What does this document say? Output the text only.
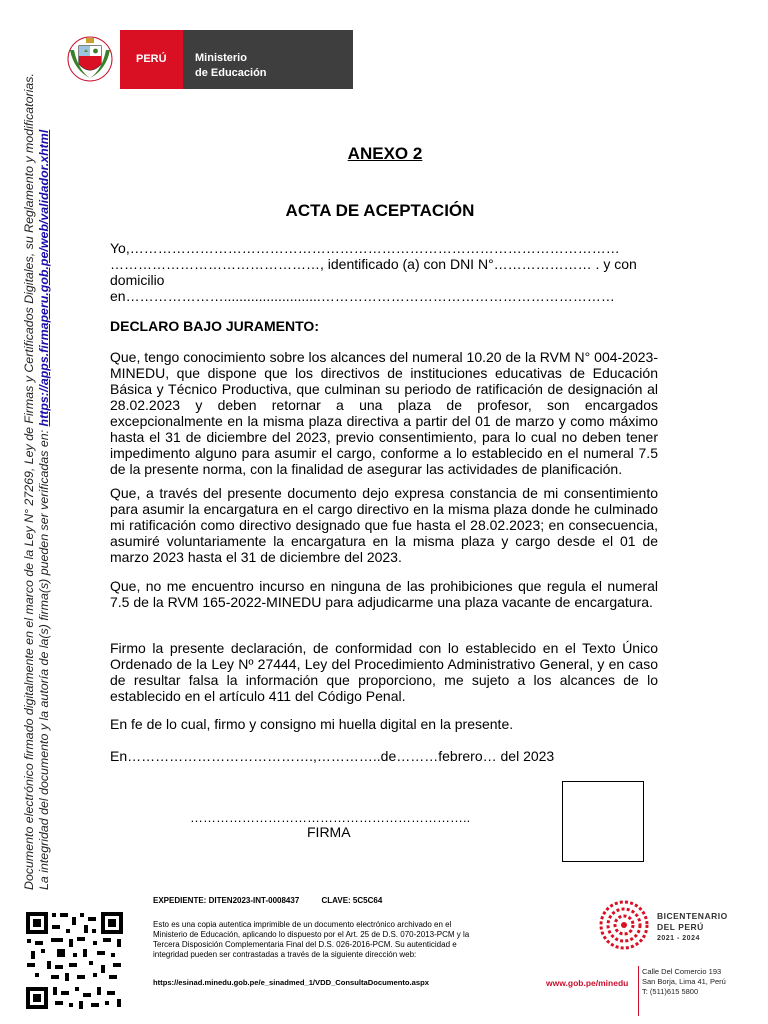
PERÚ	Ministerio
de Educación
Documento electrónico firmado digitalmente en el marco de la Ley N° 27269, Ley de Firmas y Certificados Digitales, su Reglamento y modificatorias. La integridad del documento y la autoría de la(s) firma(s) pueden ser verificadas en: https://apps.firmaperu.gob.pe/web/validador.xhtml	ANEXO 2
ACTA DE ACEPTACIÓN
Yo,……………………………………………………………………………………………
………………………………………, identificado (a) con DNI N°………………… . y con
domicilio
en………………….........................………………………………………………………
DECLARO BAJO JURAMENTO:
Que, tengo conocimiento sobre los alcances del numeral 10.20 de la RVM N° 004-2023-MINEDU, que dispone que los directivos de instituciones educativas de Educación Básica y Técnico Productiva, que culminan su periodo de ratificación de designación al 28.02.2023 y deben retornar a una plaza de profesor, son encargados excepcionalmente en la misma plaza directiva a partir del 01 de marzo y como máximo hasta el 31 de diciembre del 2023, previo consentimiento, para lo cual no deben tener impedimento alguno para asumir el cargo, conforme a lo establecido en el numeral 7.5 de la presente norma, con la finalidad de asegurar las actividades de planificación.
Que, a través del presente documento dejo expresa constancia de mi consentimiento para asumir la encargatura en el cargo directivo en la misma plaza donde he culminado mi ratificación como directivo designado que fue hasta el 28.02.2023; en consecuencia, asumiré voluntariamente la encargatura en la misma plaza y cargo desde el 01 de marzo 2023 hasta el 31 de diciembre del 2023.
Que, no me encuentro incurso en ninguna de las prohibiciones que regula el numeral 7.5 de la RVM 165-2022-MINEDU para adjudicarme una plaza vacante de encargatura.
Firmo la presente declaración, de conformidad con lo establecido en el Texto Único Ordenado de la Ley Nº 27444, Ley del Procedimiento Administrativo General, y en caso de resultar falsa la información que proporciono, me sujeto a los alcances de lo establecido en el artículo 411 del Código Penal.
En fe de lo cual, firmo y consigno mi huella digital en la presente.
En………………………………….,…………..de………febrero… del 2023
………………………………………………………..
FIRMA
EXPEDIENTE: DITEN2023-INT-0008437	CLAVE: 5C5C64
Esto es una copia autentica imprimible de un documento electrónico archivado en el Ministerio de Educación, aplicando lo dispuesto por el Art. 25 de D.S. 070-2013-PCM y la Tercera Disposición Complementaria Final del D.S. 026-2016-PCM. Su autenticidad e integridad pueden ser contrastadas a través de la siguiente dirección web:
https://esinad.minedu.gob.pe/e_sinadmed_1/VDD_ConsultaDocumento.aspx
BICENTENARIO
DEL PERÚ
2021 - 2024
www.gob.pe/minedu
Calle Del Comercio 193
San Borja, Lima 41, Perú
T: (511)615 5800
